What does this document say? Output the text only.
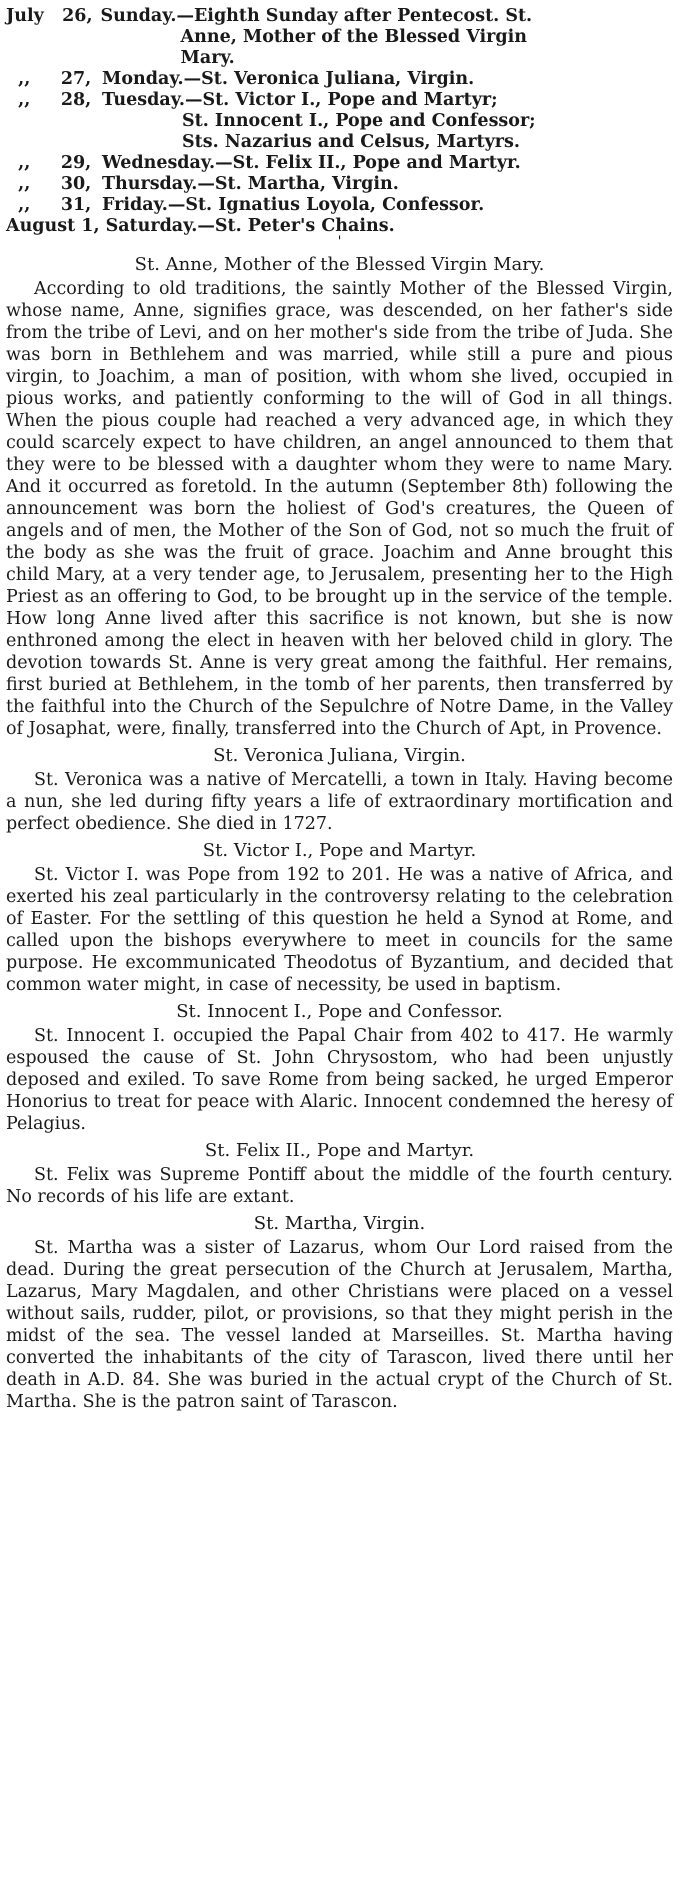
July   26, Sunday.—Eighth Sunday after Pentecost. St.
Anne, Mother of the Blessed Virgin
Mary.
,,     27, Monday.—St. Veronica Juliana, Virgin.
,,     28, Tuesday.—St. Victor I., Pope and Martyr;
St. Innocent I., Pope and Confessor;
Sts. Nazarius and Celsus, Martyrs.
,,     29, Wednesday.—St. Felix II., Pope and Martyr.
,,     30, Thursday.—St. Martha, Virgin.
,,     31, Friday.—St. Ignatius Loyola, Confessor.
August 1, Saturday.—St. Peter's Chains.
'
St. Anne, Mother of the Blessed Virgin Mary.

According to old traditions, the saintly Mother of the Blessed Virgin, whose name, Anne, signifies grace, was descended, on her father's side from the tribe of Levi, and on her mother's side from the tribe of Juda. She was born in Bethlehem and was married, while still a pure and pious virgin, to Joachim, a man of position, with whom she lived, occupied in pious works, and patiently conforming to the will of God in all things. When the pious couple had reached a very advanced age, in which they could scarcely expect to have children, an angel announced to them that they were to be blessed with a daughter whom they were to name Mary. And it occurred as foretold. In the autumn (September 8th) following the announcement was born the holiest of God's creatures, the Queen of angels and of men, the Mother of the Son of God, not so much the fruit of the body as she was the fruit of grace. Joachim and Anne brought this child Mary, at a very tender age, to Jerusalem, presenting her to the High Priest as an offering to God, to be brought up in the service of the temple. How long Anne lived after this sacrifice is not known, but she is now enthroned among the elect in heaven with her beloved child in glory. The devotion towards St. Anne is very great among the faithful. Her remains, first buried at Bethlehem, in the tomb of her parents, then transferred by the faithful into the Church of the Sepulchre of Notre Dame, in the Valley of Josaphat, were, finally, transferred into the Church of Apt, in Provence.

St. Veronica Juliana, Virgin.

St. Veronica was a native of Mercatelli, a town in Italy. Having become a nun, she led during fifty years a life of extraordinary mortification and perfect obedience. She died in 1727.

St. Victor I., Pope and Martyr.

St. Victor I. was Pope from 192 to 201. He was a native of Africa, and exerted his zeal particularly in the controversy relating to the celebration of Easter. For the settling of this question he held a Synod at Rome, and called upon the bishops everywhere to meet in councils for the same purpose. He excommunicated Theodotus of Byzantium, and decided that common water might, in case of necessity, be used in baptism.

St. Innocent I., Pope and Confessor.

St. Innocent I. occupied the Papal Chair from 402 to 417. He warmly espoused the cause of St. John Chrysostom, who had been unjustly deposed and exiled. To save Rome from being sacked, he urged Emperor Honorius to treat for peace with Alaric. Innocent condemned the heresy of Pelagius.

St. Felix II., Pope and Martyr.

St. Felix was Supreme Pontiff about the middle of the fourth century. No records of his life are extant.

St. Martha, Virgin.

St. Martha was a sister of Lazarus, whom Our Lord raised from the dead. During the great persecution of the Church at Jerusalem, Martha, Lazarus, Mary Magdalen, and other Christians were placed on a vessel without sails, rudder, pilot, or provisions, so that they might perish in the midst of the sea. The vessel landed at Marseilles. St. Martha having converted the inhabitants of the city of Tarascon, lived there until her death in A.D. 84. She was buried in the actual crypt of the Church of St. Martha. She is the patron saint of Tarascon.
